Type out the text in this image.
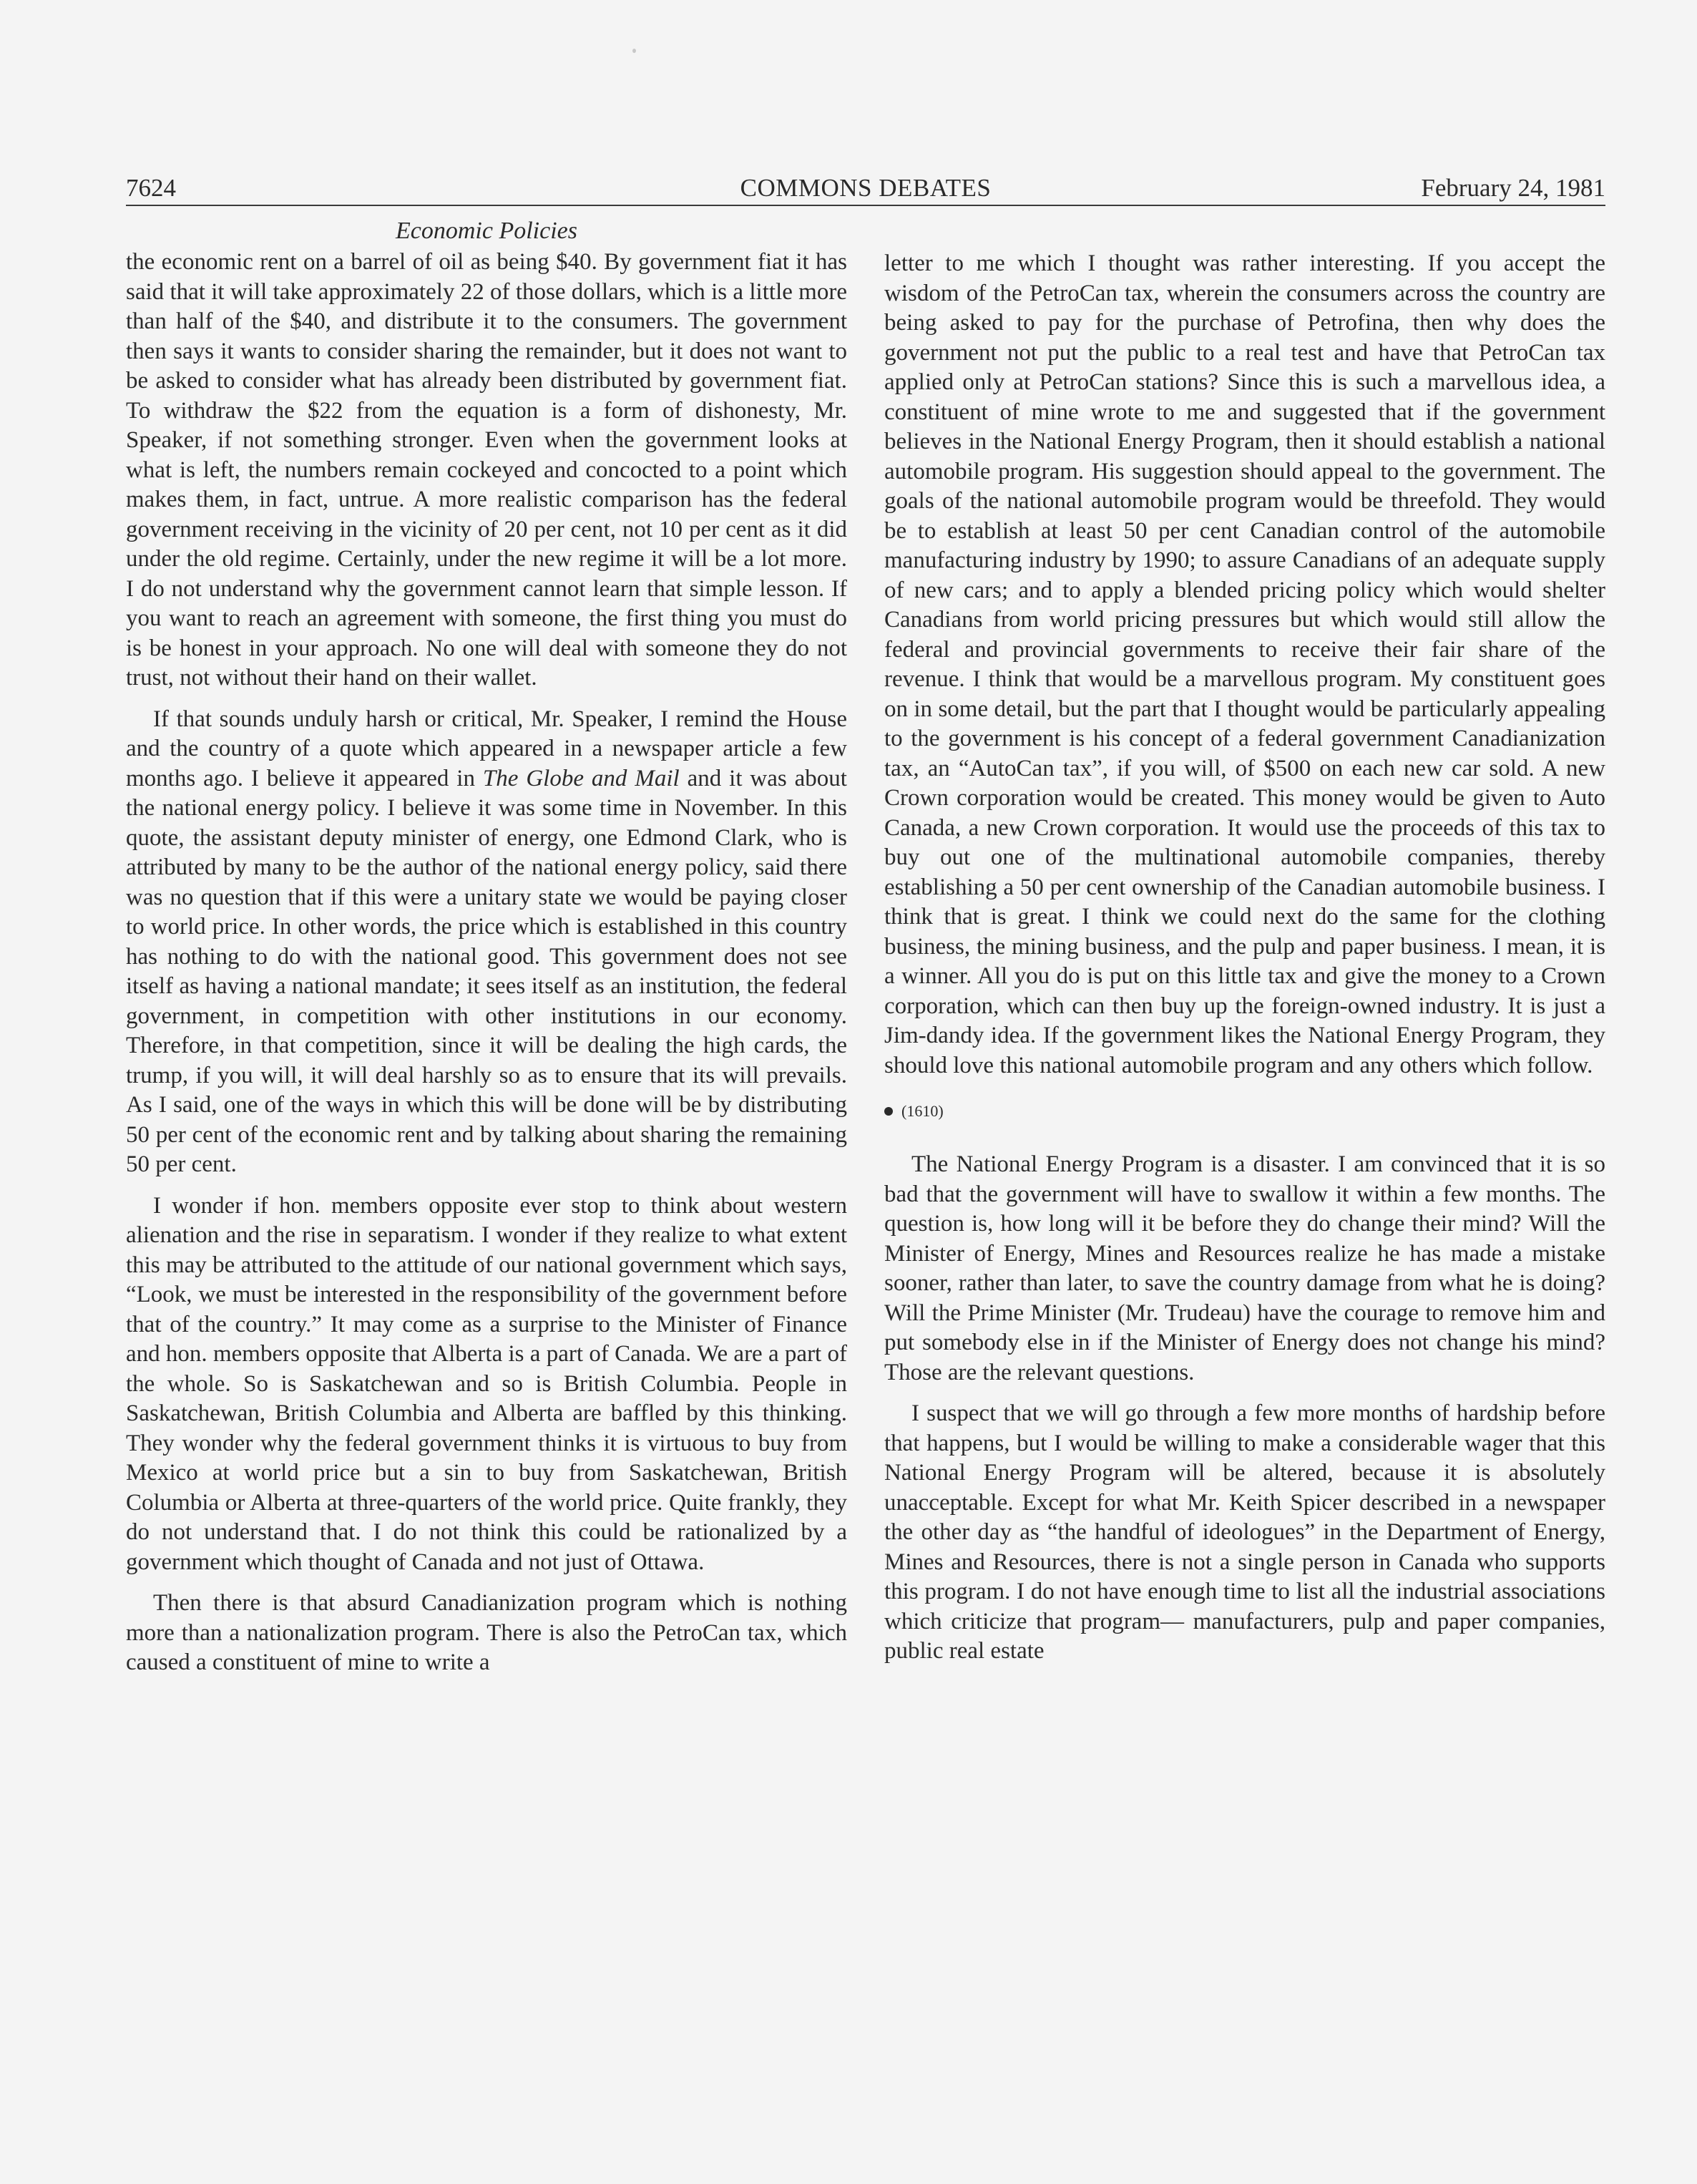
7624	COMMONS DEBATES	February 24, 1981
Economic Policies

the economic rent on a barrel of oil as being $40. By government fiat it has said that it will take approximately 22 of those dollars, which is a little more than half of the $40, and distribute it to the consumers. The government then says it wants to consider sharing the remainder, but it does not want to be asked to consider what has already been distributed by government fiat. To withdraw the $22 from the equation is a form of dishonesty, Mr. Speaker, if not something stronger. Even when the government looks at what is left, the numbers remain cockeyed and concocted to a point which makes them, in fact, untrue. A more realistic comparison has the federal government receiving in the vicinity of 20 per cent, not 10 per cent as it did under the old regime. Certainly, under the new regime it will be a lot more. I do not understand why the government cannot learn that simple lesson. If you want to reach an agreement with someone, the first thing you must do is be honest in your approach. No one will deal with someone they do not trust, not without their hand on their wallet.

If that sounds unduly harsh or critical, Mr. Speaker, I remind the House and the country of a quote which appeared in a newspaper article a few months ago. I believe it appeared in The Globe and Mail and it was about the national energy policy. I believe it was some time in November. In this quote, the assistant deputy minister of energy, one Edmond Clark, who is attributed by many to be the author of the national energy policy, said there was no question that if this were a unitary state we would be paying closer to world price. In other words, the price which is established in this country has nothing to do with the national good. This government does not see itself as having a national mandate; it sees itself as an institution, the federal government, in competition with other institutions in our economy. Therefore, in that competition, since it will be dealing the high cards, the trump, if you will, it will deal harshly so as to ensure that its will prevails. As I said, one of the ways in which this will be done will be by distributing 50 per cent of the economic rent and by talking about sharing the remaining 50 per cent.

I wonder if hon. members opposite ever stop to think about western alienation and the rise in separatism. I wonder if they realize to what extent this may be attributed to the attitude of our national government which says, “Look, we must be interested in the responsibility of the government before that of the country.” It may come as a surprise to the Minister of Finance and hon. members opposite that Alberta is a part of Canada. We are a part of the whole. So is Saskatchewan and so is British Columbia. People in Saskatchewan, British Columbia and Alberta are baffled by this thinking. They wonder why the federal government thinks it is virtuous to buy from Mexico at world price but a sin to buy from Saskatchewan, British Columbia or Alberta at three-quarters of the world price. Quite frankly, they do not understand that. I do not think this could be rationalized by a government which thought of Canada and not just of Ottawa.

Then there is that absurd Canadianization program which is nothing more than a nationalization program. There is also the PetroCan tax, which caused a constituent of mine to write a

letter to me which I thought was rather interesting. If you accept the wisdom of the PetroCan tax, wherein the consumers across the country are being asked to pay for the purchase of Petrofina, then why does the government not put the public to a real test and have that PetroCan tax applied only at PetroCan stations? Since this is such a marvellous idea, a constituent of mine wrote to me and suggested that if the government believes in the National Energy Program, then it should establish a national automobile program. His suggestion should appeal to the government. The goals of the national automobile program would be threefold. They would be to establish at least 50 per cent Canadian control of the automobile manufacturing industry by 1990; to assure Canadians of an adequate supply of new cars; and to apply a blended pricing policy which would shelter Canadians from world pricing pressures but which would still allow the federal and provincial governments to receive their fair share of the revenue. I think that would be a marvellous program. My constituent goes on in some detail, but the part that I thought would be particularly appealing to the government is his concept of a federal government Canadianization tax, an “AutoCan tax”, if you will, of $500 on each new car sold. A new Crown corporation would be created. This money would be given to Auto Canada, a new Crown corporation. It would use the proceeds of this tax to buy out one of the multinational automobile companies, thereby establishing a 50 per cent ownership of the Canadian automobile business. I think that is great. I think we could next do the same for the clothing business, the mining business, and the pulp and paper business. I mean, it is a winner. All you do is put on this little tax and give the money to a Crown corporation, which can then buy up the foreign-owned industry. It is just a Jim-dandy idea. If the government likes the National Energy Program, they should love this national automobile program and any others which follow.

(1610)

The National Energy Program is a disaster. I am convinced that it is so bad that the government will have to swallow it within a few months. The question is, how long will it be before they do change their mind? Will the Minister of Energy, Mines and Resources realize he has made a mistake sooner, rather than later, to save the country damage from what he is doing? Will the Prime Minister (Mr. Trudeau) have the courage to remove him and put somebody else in if the Minister of Energy does not change his mind? Those are the relevant questions.

I suspect that we will go through a few more months of hardship before that happens, but I would be willing to make a considerable wager that this National Energy Program will be altered, because it is absolutely unacceptable. Except for what Mr. Keith Spicer described in a newspaper the other day as “the handful of ideologues” in the Department of Energy, Mines and Resources, there is not a single person in Canada who supports this program. I do not have enough time to list all the industrial associations which criticize that program— manufacturers, pulp and paper companies, public real estate
